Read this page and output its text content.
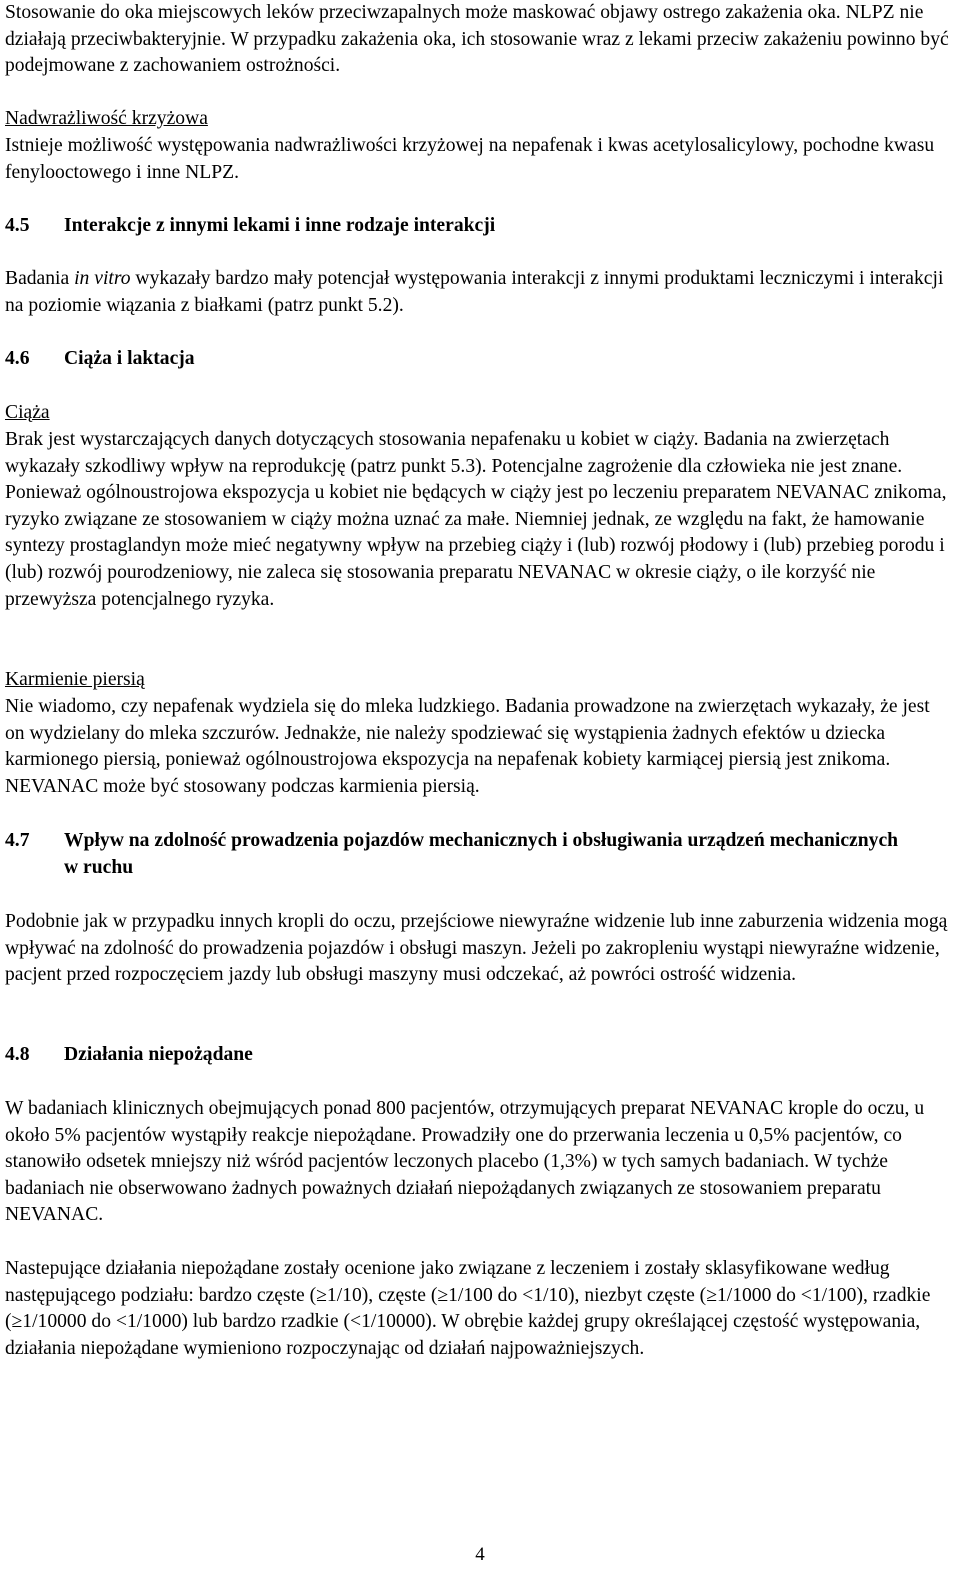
Stosowanie do oka miejscowych leków przeciwzapalnych może maskować objawy ostrego zakażenia oka. NLPZ nie działają przeciwbakteryjnie. W przypadku zakażenia oka, ich stosowanie wraz z lekami przeciw zakażeniu powinno być podejmowane z zachowaniem ostrożności.

Nadwrażliwość krzyżowa

Istnieje możliwość występowania nadwrażliwości krzyżowej na nepafenak i kwas acetylosalicylowy, pochodne kwasu fenylooctowego i inne NLPZ.

4.5	Interakcje z innymi lekami i inne rodzaje interakcji

Badania in vitro wykazały bardzo mały potencjał występowania interakcji z innymi produktami leczniczymi i interakcji na poziomie wiązania z białkami (patrz punkt 5.2).

4.6	Ciąża i laktacja

Ciąża

Brak jest wystarczających danych dotyczących stosowania nepafenaku u kobiet w ciąży. Badania na zwierzętach wykazały szkodliwy wpływ na reprodukcję (patrz punkt 5.3). Potencjalne zagrożenie dla człowieka nie jest znane. Ponieważ ogólnoustrojowa ekspozycja u kobiet nie będących w ciąży jest po leczeniu preparatem NEVANAC znikoma, ryzyko związane ze stosowaniem w ciąży można uznać za małe. Niemniej jednak, ze względu na fakt, że hamowanie syntezy prostaglandyn może mieć negatywny wpływ na przebieg ciąży i (lub) rozwój płodowy i (lub) przebieg porodu i (lub) rozwój pourodzeniowy, nie zaleca się stosowania preparatu NEVANAC w okresie ciąży, o ile korzyść nie przewyższa potencjalnego ryzyka.

Karmienie piersią

Nie wiadomo, czy nepafenak wydziela się do mleka ludzkiego. Badania prowadzone na zwierzętach wykazały, że jest on wydzielany do mleka szczurów. Jednakże, nie należy spodziewać się wystąpienia żadnych efektów u dziecka karmionego piersią, ponieważ ogólnoustrojowa ekspozycja na nepafenak kobiety karmiącej piersią jest znikoma. NEVANAC może być stosowany podczas karmienia piersią.

4.7	Wpływ na zdolność prowadzenia pojazdów mechanicznych i obsługiwania urządzeń mechanicznych w ruchu

Podobnie jak w przypadku innych kropli do oczu, przejściowe niewyraźne widzenie lub inne zaburzenia widzenia mogą wpływać na zdolność do prowadzenia pojazdów i obsługi maszyn. Jeżeli po zakropleniu wystąpi niewyraźne widzenie, pacjent przed rozpoczęciem jazdy lub obsługi maszyny musi odczekać, aż powróci ostrość widzenia.

4.8	Działania niepożądane

W badaniach klinicznych obejmujących ponad 800 pacjentów, otrzymujących preparat NEVANAC krople do oczu, u około 5% pacjentów wystąpiły reakcje niepożądane. Prowadziły one do przerwania leczenia u 0,5% pacjentów, co stanowiło odsetek mniejszy niż wśród pacjentów leczonych placebo (1,3%) w tych samych badaniach. W tychże badaniach nie obserwowano żadnych poważnych działań niepożądanych związanych ze stosowaniem preparatu NEVANAC.

Nastepujące działania niepożądane zostały ocenione jako związane z leczeniem i zostały sklasyfikowane według następującego podziału: bardzo częste (≥1/10), częste (≥1/100 do <1/10), niezbyt częste (≥1/1000 do <1/100), rzadkie (≥1/10000 do <1/1000) lub bardzo rzadkie (<1/10000). W obrębie każdej grupy określającej częstość występowania, działania niepożądane wymieniono rozpoczynając od działań najpoważniejszych.

4
